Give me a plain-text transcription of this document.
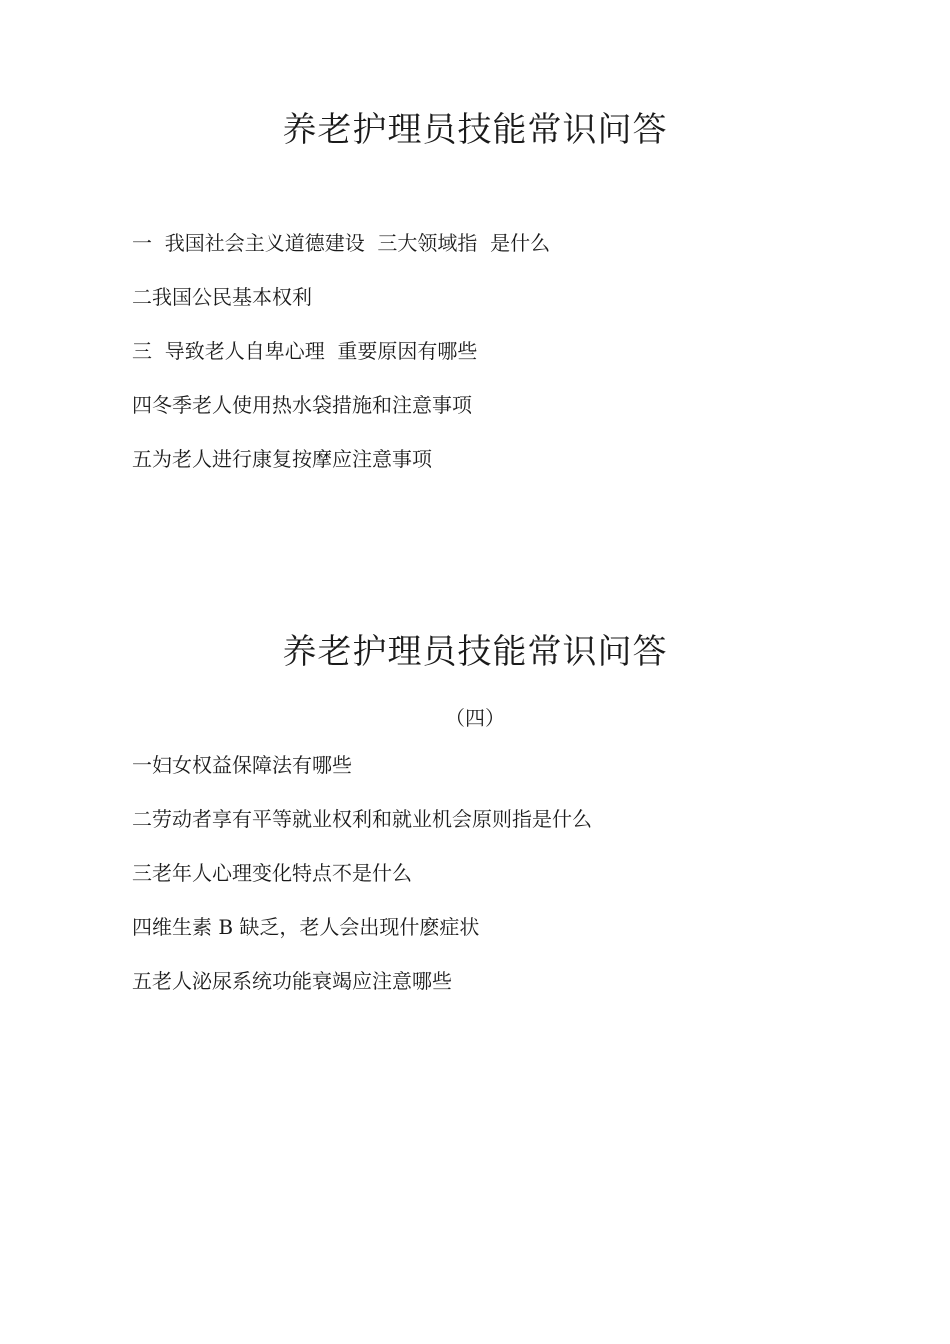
养老护理员技能常识问答
一  我国社会主义道德建设  三大领域指  是什么
二我国公民基本权利
三  导致老人自卑心理  重要原因有哪些
四冬季老人使用热水袋措施和注意事项
五为老人进行康复按摩应注意事项
养老护理员技能常识问答
（四）
一妇女权益保障法有哪些
二劳动者享有平等就业权利和就业机会原则指是什么
三老年人心理变化特点不是什么
四维生素 B 缺乏，老人会出现什麽症状
五老人泌尿系统功能衰竭应注意哪些
